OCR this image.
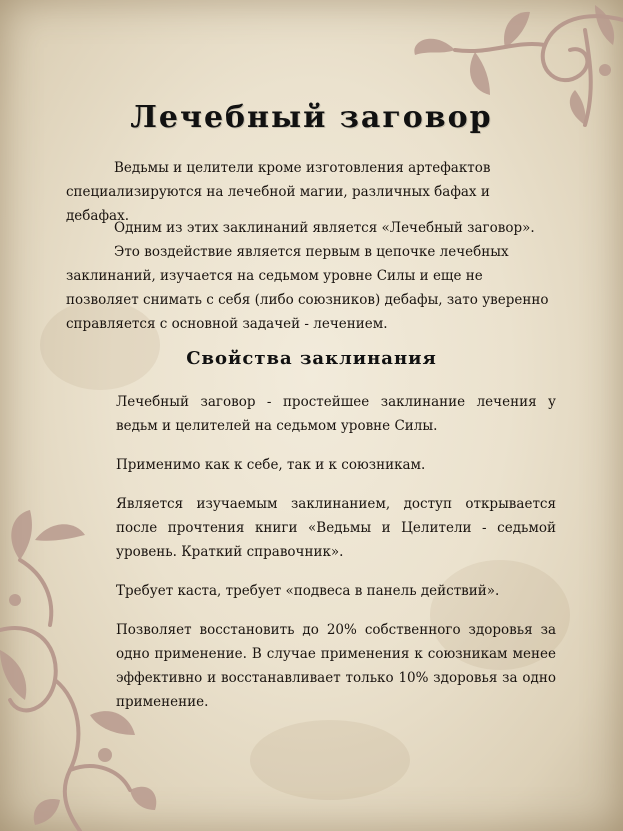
Лечебный заговор

Ведьмы и целители кроме изготовления артефактов специализируются на лечебной магии, различных бафах и дебафах.

Одним из этих заклинаний является «Лечебный заговор».

Это воздействие является первым в цепочке лечебных заклинаний, изучается на седьмом уровне Силы и еще не позволяет снимать с себя (либо союзников) дебафы, зато уверенно справляется с основной задачей - лечением.

Свойства заклинания

Лечебный заговор - простейшее заклинание лечения у ведьм и целителей на седьмом уровне Силы.

Применимо как к себе, так и к союзникам.

Является изучаемым заклинанием, доступ открывается после прочтения книги «Ведьмы и Целители - седьмой уровень. Краткий справочник».

Требует каста, требует «подвеса в панель действий».

Позволяет восстановить до 20% собственного здоровья за одно применение. В случае применения к союзникам менее эффективно и восстанавливает только 10% здоровья за одно применение.
